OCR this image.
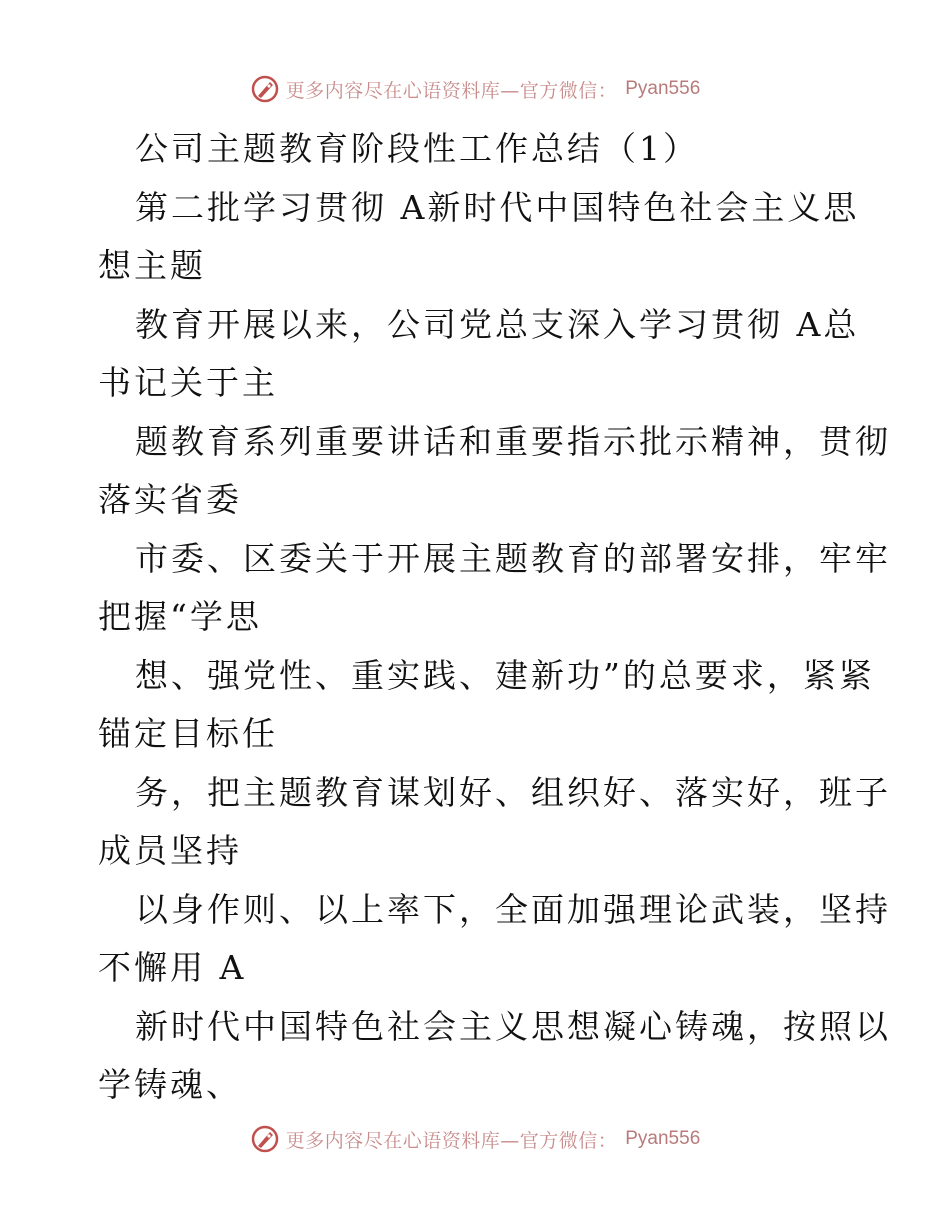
更多内容尽在心语资料库—官方微信： Pyan556
公司主题教育阶段性工作总结（1）
第二批学习贯彻 A新时代中国特色社会主义思
想主题
教育开展以来，公司党总支深入学习贯彻 A总
书记关于主
题教育系列重要讲话和重要指示批示精神，贯彻
落实省委
市委、区委关于开展主题教育的部署安排，牢牢
把握“学思
想、强党性、重实践、建新功”的总要求，紧紧
锚定目标任
务，把主题教育谋划好、组织好、落实好，班子
成员坚持
以身作则、以上率下，全面加强理论武装，坚持
不懈用 A
新时代中国特色社会主义思想凝心铸魂，按照以
学铸魂、
更多内容尽在心语资料库—官方微信： Pyan556
